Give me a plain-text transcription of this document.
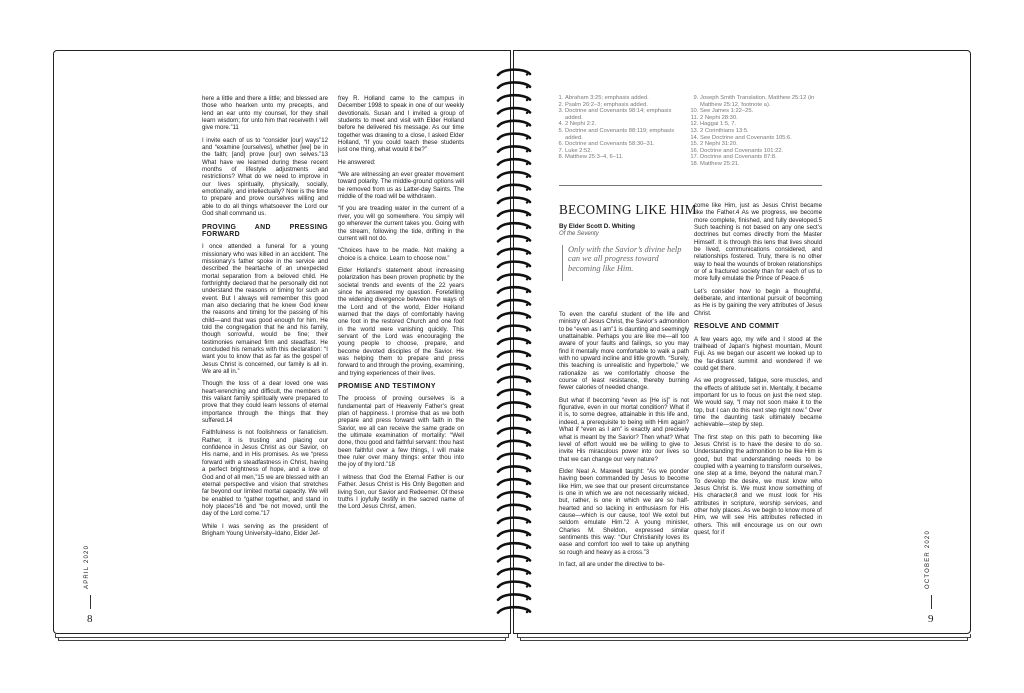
here a little and there a little; and blessed are those who hearken unto my precepts, and lend an ear unto my counsel, for they shall learn wisdom; for unto him that receiveth I will give more.”11

I invite each of us to “consider [our] ways”12 and “examine [ourselves], whether [we] be in the faith; [and] prove [our] own selves.”13 What have we learned during these recent months of lifestyle adjustments and restrictions? What do we need to improve in our lives spiritually, physically, socially, emotionally, and intellectually? Now is the time to prepare and prove ourselves willing and able to do all things whatsoever the Lord our God shall command us.

PROVING AND PRESSING FORWARD

I once attended a funeral for a young missionary who was killed in an accident. The missionary’s father spoke in the service and described the heartache of an unexpected mortal separation from a beloved child. He forthrightly declared that he personally did not understand the reasons or timing for such an event. But I always will remember this good man also declaring that he knew God knew the reasons and timing for the passing of his child—and that was good enough for him. He told the congregation that he and his family, though sorrowful, would be fine; their testimonies remained firm and steadfast. He concluded his remarks with this declaration: “I want you to know that as far as the gospel of Jesus Christ is concerned, our family is all in. We are all in.”

Though the loss of a dear loved one was heart-wrenching and difficult, the members of this valiant family spiritually were prepared to prove that they could learn lessons of eternal importance through the things that they suffered.14

Faithfulness is not foolishness or fanaticism. Rather, it is trusting and placing our confidence in Jesus Christ as our Savior, on His name, and in His promises. As we “press forward with a steadfastness in Christ, having a perfect brightness of hope, and a love of God and of all men,”15 we are blessed with an eternal perspective and vision that stretches far beyond our limited mortal capacity. We will be enabled to “gather together, and stand in holy places”16 and “be not moved, until the day of the Lord come.”17

While I was serving as the president of Brigham Young University–Idaho, Elder Jef-

frey R. Holland came to the campus in December 1998 to speak in one of our weekly devotionals. Susan and I invited a group of students to meet and visit with Elder Holland before he delivered his message. As our time together was drawing to a close, I asked Elder Holland, “If you could teach these students just one thing, what would it be?”

He answered:

“We are witnessing an ever greater movement toward polarity. The middle-ground options will be removed from us as Latter-day Saints. The middle of the road will be withdrawn.

“If you are treading water in the current of a river, you will go somewhere. You simply will go wherever the current takes you. Going with the stream, following the tide, drifting in the current will not do.

“Choices have to be made. Not making a choice is a choice. Learn to choose now.”

Elder Holland’s statement about increasing polarization has been proven prophetic by the societal trends and events of the 22 years since he answered my question. Foretelling the widening divergence between the ways of the Lord and of the world, Elder Holland warned that the days of comfortably having one foot in the restored Church and one foot in the world were vanishing quickly. This servant of the Lord was encouraging the young people to choose, prepare, and become devoted disciples of the Savior. He was helping them to prepare and press forward to and through the proving, examining, and trying experiences of their lives.

PROMISE AND TESTIMONY

The process of proving ourselves is a fundamental part of Heavenly Father’s great plan of happiness. I promise that as we both prepare and press forward with faith in the Savior, we all can receive the same grade on the ultimate examination of mortality: “Well done, thou good and faithful servant: thou hast been faithful over a few things, I will make thee ruler over many things: enter thou into the joy of thy lord.”18

I witness that God the Eternal Father is our Father. Jesus Christ is His Only Begotten and living Son, our Savior and Redeemer. Of these truths I joyfully testify in the sacred name of the Lord Jesus Christ, amen.

8
APRIL 2020
1. Abraham 3:25; emphasis added.
2. Psalm 26:2–3; emphasis added.
3. Doctrine and Covenants 98:14; emphasis added.
4. 2 Nephi 2:2.
5. Doctrine and Covenants 88:119; emphasis added.
6. Doctrine and Covenants 58:30–31.
7. Luke 2:52.
8. Matthew 25:3–4, 6–11.
9. Joseph Smith Translation, Matthew 25:12 (in Matthew 25:12, footnote a).
10. See James 1:22–25.
11. 2 Nephi 28:30.
12. Haggai 1:5, 7.
13. 2 Corinthians 13:5.
14. See Doctrine and Covenants 105:6.
15. 2 Nephi 31:20.
16. Doctrine and Covenants 101:22.
17. Doctrine and Covenants 87:8.
18. Matthew 25:21.
BECOMING LIKE HIM
By Elder Scott D. Whiting
Of the Seventy
Only with the Savior’s divine help can we all progress toward becoming like Him.

To even the careful student of the life and ministry of Jesus Christ, the Savior’s admonition to be “even as I am”1 is daunting and seemingly unattainable. Perhaps you are like me—all too aware of your faults and failings, so you may find it mentally more comfortable to walk a path with no upward incline and little growth. “Surely, this teaching is unrealistic and hyperbole,” we rationalize as we comfortably choose the course of least resistance, thereby burning fewer calories of needed change.

But what if becoming “even as [He is]” is not figurative, even in our mortal condition? What if it is, to some degree, attainable in this life and, indeed, a prerequisite to being with Him again? What if “even as I am” is exactly and precisely what is meant by the Savior? Then what? What level of effort would we be willing to give to invite His miraculous power into our lives so that we can change our very nature?

Elder Neal A. Maxwell taught: “As we ponder having been commanded by Jesus to become like Him, we see that our present circumstance is one in which we are not necessarily wicked, but, rather, is one in which we are so half-hearted and so lacking in enthusiasm for His cause—which is our cause, too! We extol but seldom emulate Him.”2 A young minister, Charles M. Sheldon, expressed similar sentiments this way: “Our Christianity loves its ease and comfort too well to take up anything so rough and heavy as a cross.”3

In fact, all are under the directive to be-

come like Him, just as Jesus Christ became like the Father.4 As we progress, we become more complete, finished, and fully developed.5 Such teaching is not based on any one sect’s doctrines but comes directly from the Master Himself. It is through this lens that lives should be lived, communications considered, and relationships fostered. Truly, there is no other way to heal the wounds of broken relationships or of a fractured society than for each of us to more fully emulate the Prince of Peace.6

Let’s consider how to begin a thoughtful, deliberate, and intentional pursuit of becoming as He is by gaining the very attributes of Jesus Christ.

RESOLVE AND COMMIT

A few years ago, my wife and I stood at the trailhead of Japan’s highest mountain, Mount Fuji. As we began our ascent we looked up to the far-distant summit and wondered if we could get there.

As we progressed, fatigue, sore muscles, and the effects of altitude set in. Mentally, it became important for us to focus on just the next step. We would say, “I may not soon make it to the top, but I can do this next step right now.” Over time the daunting task ultimately became achievable—step by step.

The first step on this path to becoming like Jesus Christ is to have the desire to do so. Understanding the admonition to be like Him is good, but that understanding needs to be coupled with a yearning to transform ourselves, one step at a time, beyond the natural man.7 To develop the desire, we must know who Jesus Christ is. We must know something of His character,8 and we must look for His attributes in scripture, worship services, and other holy places. As we begin to know more of Him, we will see His attributes reflected in others. This will encourage us on our own quest, for if

9
OCTOBER 2020
